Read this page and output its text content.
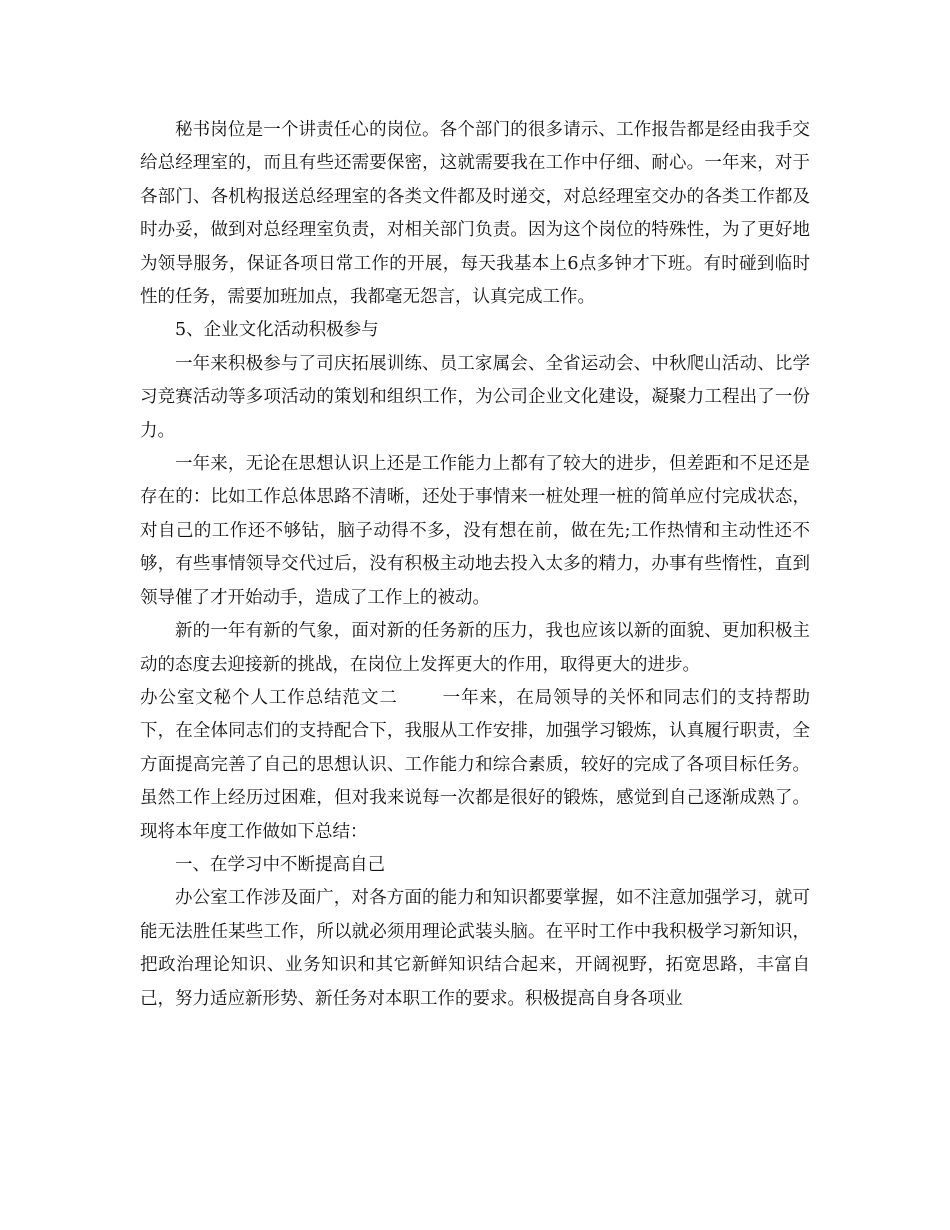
秘书岗位是一个讲责任心的岗位。各个部门的很多请示、工作报告都是经由我手交给总经理室的，而且有些还需要保密，这就需要我在工作中仔细、耐心。一年来，对于各部门、各机构报送总经理室的各类文件都及时递交，对总经理室交办的各类工作都及时办妥，做到对总经理室负责，对相关部门负责。因为这个岗位的特殊性，为了更好地为领导服务，保证各项日常工作的开展，每天我基本上6点多钟才下班。有时碰到临时性的任务，需要加班加点，我都毫无怨言，认真完成工作。

5、企业文化活动积极参与

一年来积极参与了司庆拓展训练、员工家属会、全省运动会、中秋爬山活动、比学习竞赛活动等多项活动的策划和组织工作，为公司企业文化建设，凝聚力工程出了一份力。

一年来，无论在思想认识上还是工作能力上都有了较大的进步，但差距和不足还是存在的：比如工作总体思路不清晰，还处于事情来一桩处理一桩的简单应付完成状态，对自己的工作还不够钻，脑子动得不多，没有想在前，做在先;工作热情和主动性还不够，有些事情领导交代过后，没有积极主动地去投入太多的精力，办事有些惰性，直到领导催了才开始动手，造成了工作上的被动。

新的一年有新的气象，面对新的任务新的压力，我也应该以新的面貌、更加积极主动的态度去迎接新的挑战，在岗位上发挥更大的作用，取得更大的进步。

办公室文秘个人工作总结范文二	一年来，在局领导的关怀和同志们的支持帮助下，在全体同志们的支持配合下，我服从工作安排，加强学习锻炼，认真履行职责，全方面提高完善了自己的思想认识、工作能力和综合素质，较好的完成了各项目标任务。虽然工作上经历过困难，但对我来说每一次都是很好的锻炼，感觉到自己逐渐成熟了。现将本年度工作做如下总结：

一、在学习中不断提高自己

办公室工作涉及面广，对各方面的能力和知识都要掌握，如不注意加强学习，就可能无法胜任某些工作，所以就必须用理论武装头脑。在平时工作中我积极学习新知识，把政治理论知识、业务知识和其它新鲜知识结合起来，开阔视野，拓宽思路，丰富自己，努力适应新形势、新任务对本职工作的要求。积极提高自身各项业
